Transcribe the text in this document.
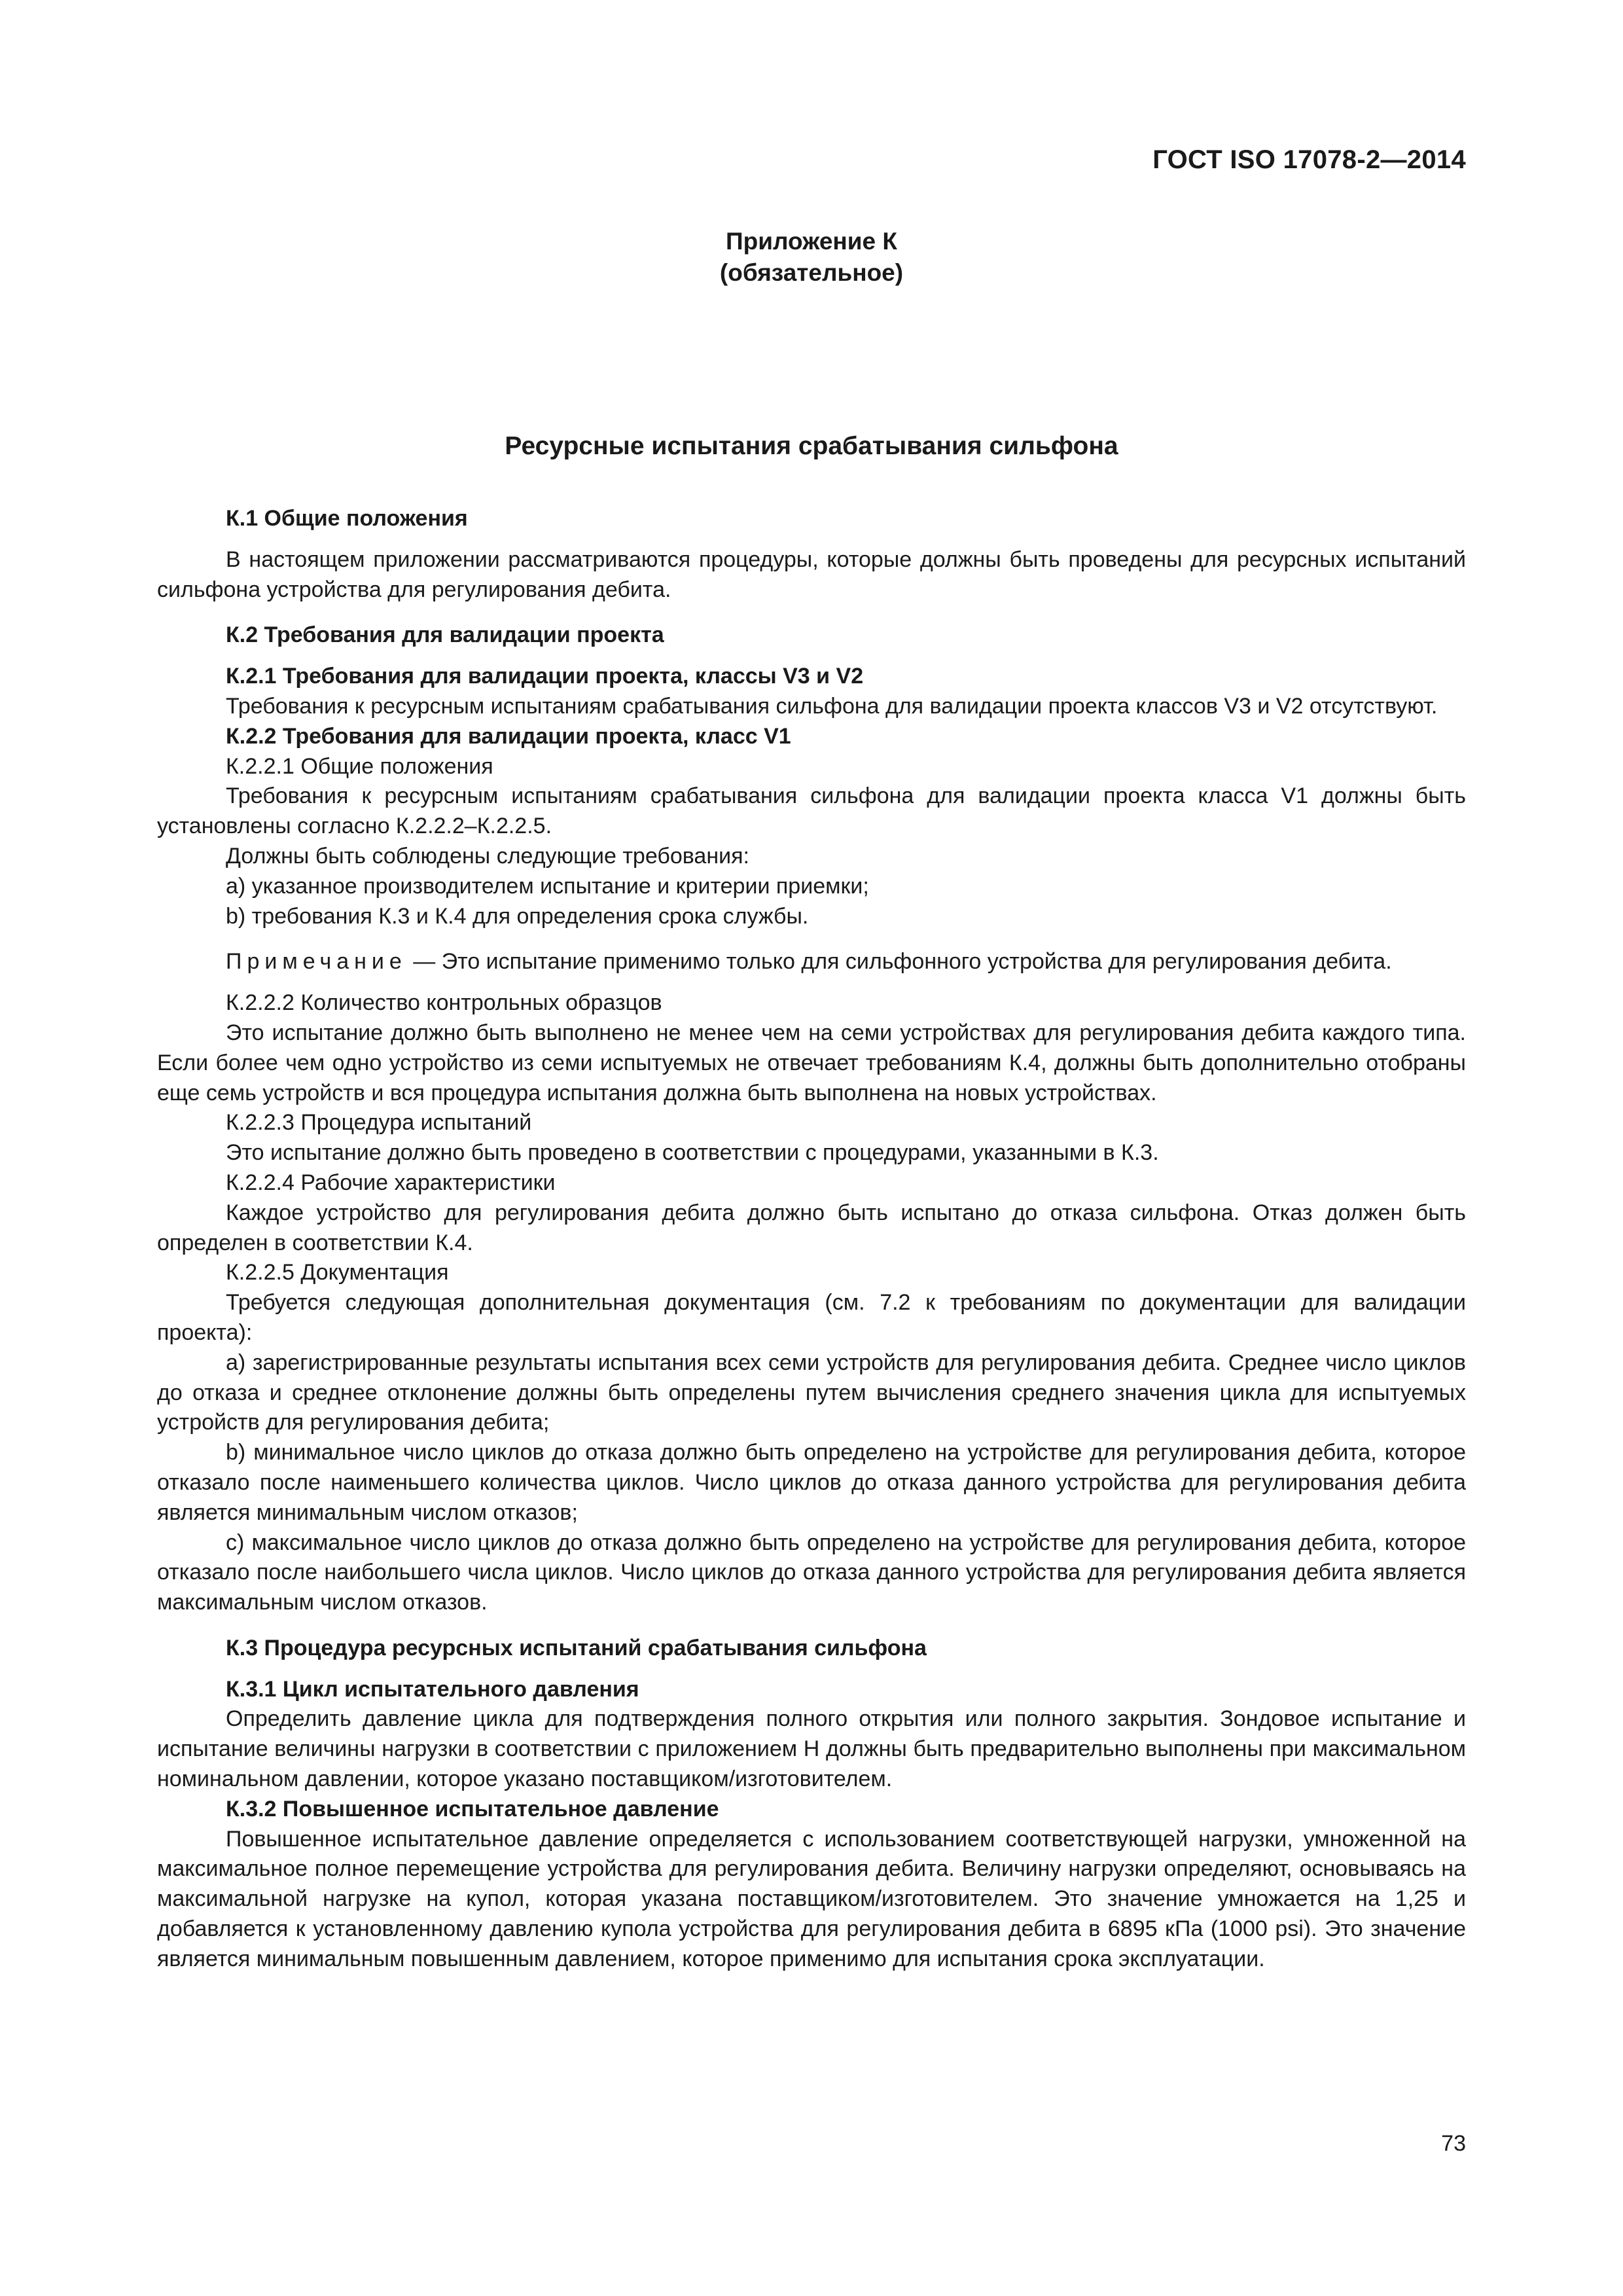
ГОСТ ISO 17078-2—2014
Приложение К
(обязательное)
Ресурсные испытания срабатывания сильфона

К.1 Общие положения

В настоящем приложении рассматриваются процедуры, которые должны быть проведены для ресурсных испытаний сильфона устройства для регулирования дебита.

К.2 Требования для валидации проекта

К.2.1 Требования для валидации проекта, классы V3 и V2

Требования к ресурсным испытаниям срабатывания сильфона для валидации проекта классов V3 и V2 отсутствуют.

К.2.2 Требования для валидации проекта, класс V1

К.2.2.1 Общие положения

Требования к ресурсным испытаниям срабатывания сильфона для валидации проекта класса V1 должны быть установлены согласно К.2.2.2–К.2.2.5.

Должны быть соблюдены следующие требования:

a) указанное производителем испытание и критерии приемки;

b) требования К.3 и К.4 для определения срока службы.

Примечание — Это испытание применимо только для сильфонного устройства для регулирования дебита.

К.2.2.2 Количество контрольных образцов

Это испытание должно быть выполнено не менее чем на семи устройствах для регулирования дебита каждого типа. Если более чем одно устройство из семи испытуемых не отвечает требованиям К.4, должны быть дополнительно отобраны еще семь устройств и вся процедура испытания должна быть выполнена на новых устройствах.

К.2.2.3 Процедура испытаний

Это испытание должно быть проведено в соответствии с процедурами, указанными в К.3.

К.2.2.4 Рабочие характеристики

Каждое устройство для регулирования дебита должно быть испытано до отказа сильфона. Отказ должен быть определен в соответствии К.4.

К.2.2.5 Документация

Требуется следующая дополнительная документация (см. 7.2 к требованиям по документации для валидации проекта):

a) зарегистрированные результаты испытания всех семи устройств для регулирования дебита. Среднее число циклов до отказа и среднее отклонение должны быть определены путем вычисления среднего значения цикла для испытуемых устройств для регулирования дебита;

b) минимальное число циклов до отказа должно быть определено на устройстве для регулирования дебита, которое отказало после наименьшего количества циклов. Число циклов до отказа данного устройства для регулирования дебита является минимальным числом отказов;

c) максимальное число циклов до отказа должно быть определено на устройстве для регулирования дебита, которое отказало после наибольшего числа циклов. Число циклов до отказа данного устройства для регулирования дебита является максимальным числом отказов.

К.3 Процедура ресурсных испытаний срабатывания сильфона

К.3.1 Цикл испытательного давления

Определить давление цикла для подтверждения полного открытия или полного закрытия. Зондовое испытание и испытание величины нагрузки в соответствии с приложением Н должны быть предварительно выполнены при максимальном номинальном давлении, которое указано поставщиком/изготовителем.

К.3.2 Повышенное испытательное давление

Повышенное испытательное давление определяется с использованием соответствующей нагрузки, умноженной на максимальное полное перемещение устройства для регулирования дебита. Величину нагрузки определяют, основываясь на максимальной нагрузке на купол, которая указана поставщиком/изготовителем. Это значение умножается на 1,25 и добавляется к установленному давлению купола устройства для регулирования дебита в 6895 кПа (1000 psi). Это значение является минимальным повышенным давлением, которое применимо для испытания срока эксплуатации.

73
